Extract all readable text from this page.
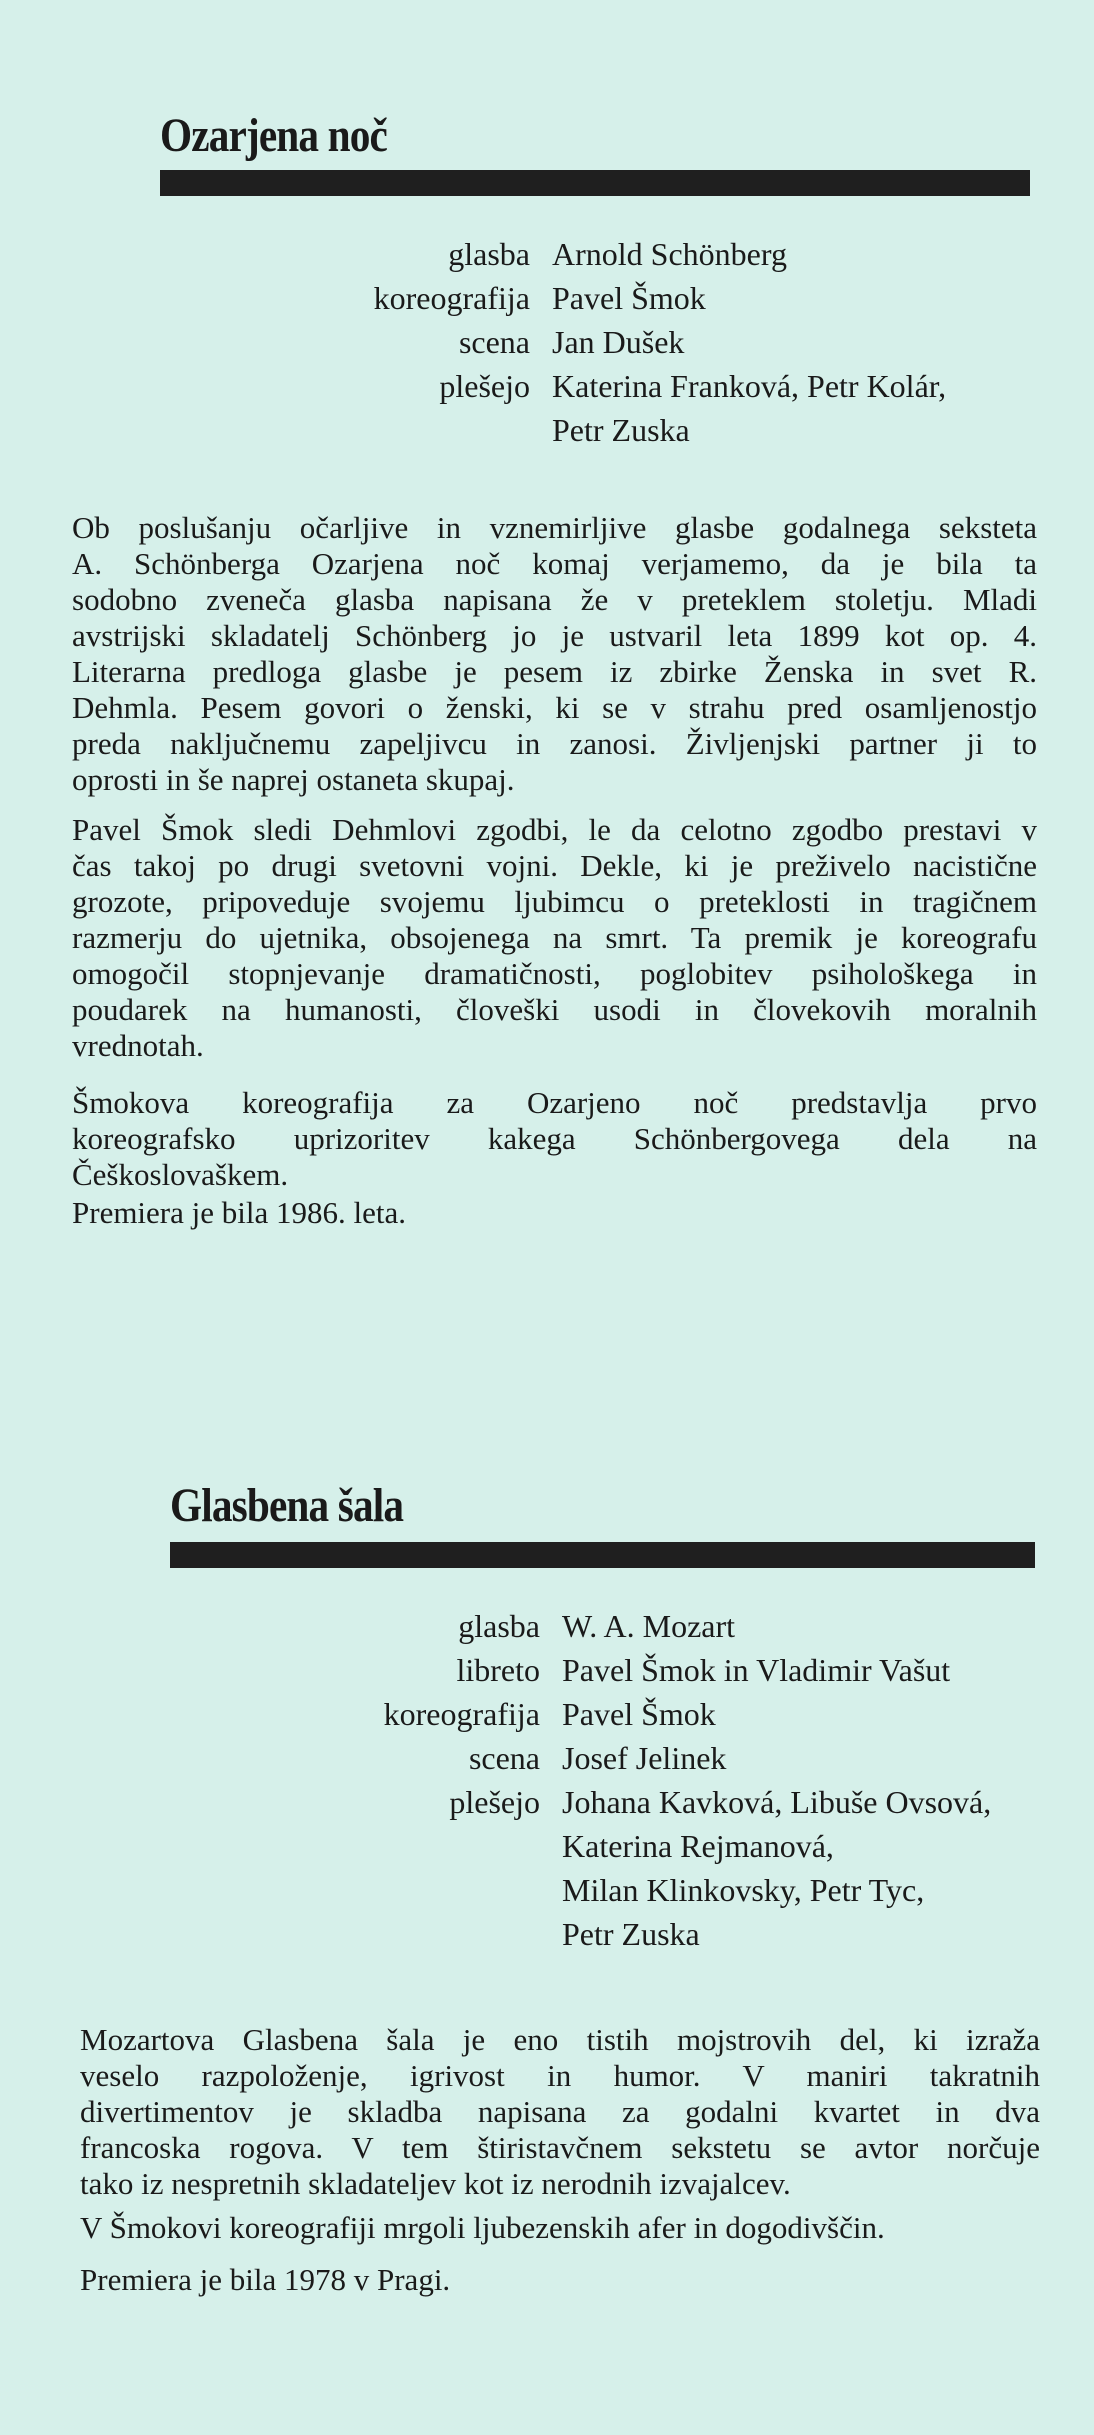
Ozarjena noč
glasba Arnold Schönberg
koreografija Pavel Šmok
scena Jan Dušek
plešejo Katerina Franková, Petr Kolár,
Petr Zuska

Ob poslušanju očarljive in vznemirljive glasbe godalnega seksteta
A. Schönberga Ozarjena noč komaj verjamemo, da je bila ta
sodobno zveneča glasba napisana že v preteklem stoletju. Mladi
avstrijski skladatelj Schönberg jo je ustvaril leta 1899 kot op. 4.
Literarna predloga glasbe je pesem iz zbirke Ženska in svet R.
Dehmla. Pesem govori o ženski, ki se v strahu pred osamljenostjo
preda naključnemu zapeljivcu in zanosi. Življenjski partner ji to
oprosti in še naprej ostaneta skupaj.

Pavel Šmok sledi Dehmlovi zgodbi, le da celotno zgodbo prestavi v
čas takoj po drugi svetovni vojni. Dekle, ki je preživelo nacistične
grozote, pripoveduje svojemu ljubimcu o preteklosti in tragičnem
razmerju do ujetnika, obsojenega na smrt. Ta premik je koreografu
omogočil stopnjevanje dramatičnosti, poglobitev psihološkega in
poudarek na humanosti, človeški usodi in človekovih moralnih
vrednotah.

Šmokova koreografija za Ozarjeno noč predstavlja prvo
koreografsko uprizoritev kakega Schönbergovega dela na
Češkoslovaškem.

Premiera je bila 1986. leta.

Glasbena šala
glasba W. A. Mozart
libreto Pavel Šmok in Vladimir Vašut
koreografija Pavel Šmok
scena Josef Jelinek
plešejo Johana Kavková, Libuše Ovsová,
Katerina Rejmanová,
Milan Klinkovsky, Petr Tyc,
Petr Zuska

Mozartova Glasbena šala je eno tistih mojstrovih del, ki izraža
veselo razpoloženje, igrivost in humor. V maniri takratnih
divertimentov je skladba napisana za godalni kvartet in dva
francoska rogova. V tem štiristavčnem sekstetu se avtor norčuje
tako iz nespretnih skladateljev kot iz nerodnih izvajalcev.

V Šmokovi koreografiji mrgoli ljubezenskih afer in dogodivščin.

Premiera je bila 1978 v Pragi.
